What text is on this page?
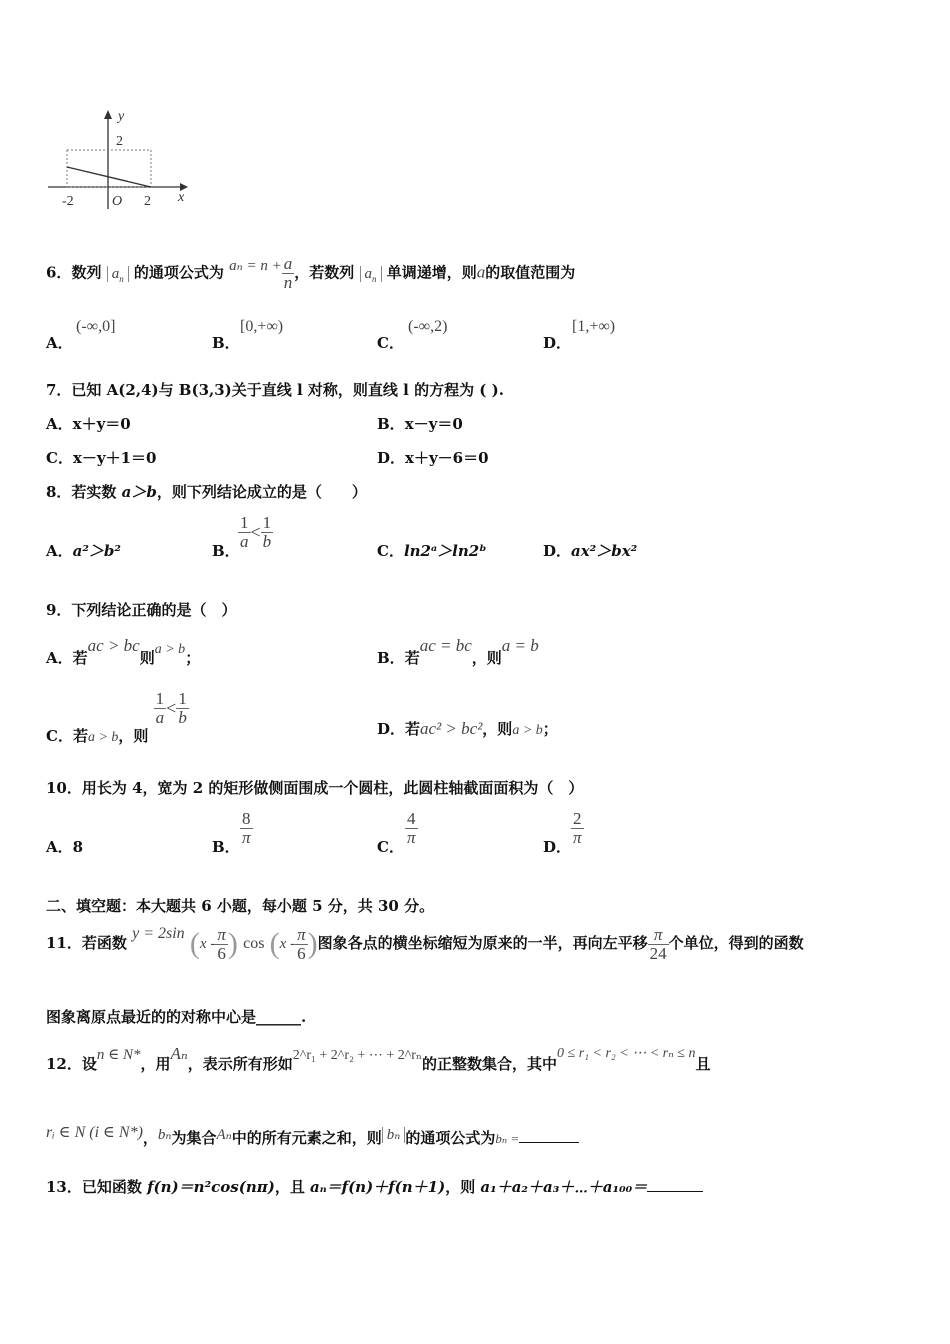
y
x
2
-2	O 2
6．数列 $a_n$ 的通项公式为 $a_n = n + \frac{a}{n}$ ，若数列 $a_n$ 单调递增，则a的取值范围为
A．
(-∞,0]
B．
[0,+∞)
C．
(-∞,2)
D．
[1,+∞)
7．已知 A(2,4)与 B(3,3)关于直线 l 对称，则直线 l 的方程为 ( ).
A．x＋y＝0	B．x－y＝0
C．x－y＋1＝0	D．x＋y－6＝0
8．若实数 a＞b，则下列结论成立的是（　　）
A．a²＞b²	B．
$\frac{1}{a} < \frac{1}{b}$	C．ln2ᵃ＞ln2ᵇ	D．ax²＞bx²
9．下列结论正确的是（　）
A．若ac > bc则a > b；	B．若ac = bc，则a = b
C．若a > b，则
$\frac{1}{a} < \frac{1}{b}$
D．若ac² > bc²，则a > b；
10．用长为 4，宽为 2 的矩形做侧面围成一个圆柱，此圆柱轴截面面积为（　）
A．8	B． $\frac{8}{\pi}$	C． $\frac{4}{\pi}$	D． $\frac{2}{\pi}$
二、填空题：本大题共 6 小题，每小题 5 分，共 30 分。
11．若函数 y = 2sin ($x - \frac{\pi}{6}$ ) $\cos (x - \frac{\pi}{6}$ )图象各点的横坐标缩短为原来的一半，再向左平移 $\frac{\pi}{24}$ 个单位，得到的函数
图象离原点最近的的对称中心是______.
12．设n ∈ N*，用Aₙ，表示所有形如2^r₁ + 2^r₂ + ⋯ + 2^rₙ的正整数集合，其中0 ≤ r₁ < r₂ < ⋯ < rₙ ≤ n且
rᵢ ∈ N (i ∈ N*)，bₙ为集合Aₙ中的所有元素之和，则 bₙ 的通项公式为bₙ =
13．已知函数 f(n)＝n²cos(nπ)，且 aₙ＝f(n)＋f(n＋1)，则 a₁＋a₂＋a₃＋⋯＋a₁₀₀＝
